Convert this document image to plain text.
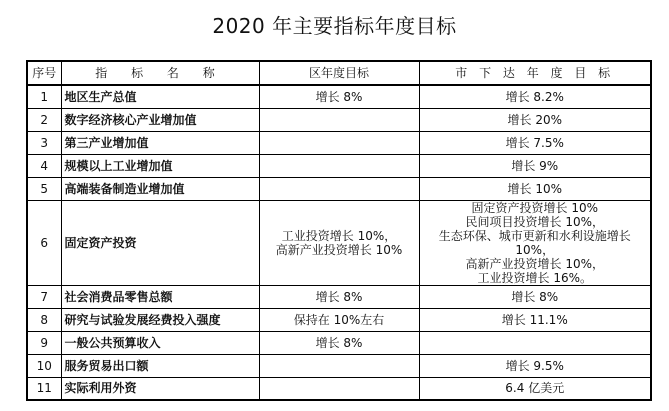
2020 年主要指标年度目标
序号	指 标 名 称	区年度目标	市 下 达 年 度 目 标
1	地区生产总值	增长 8%	增长 8.2%

2	数字经济核心产业增加值		增长 20%

3	第三产业增加值		增长 7.5%

4	规模以上工业增加值		增长 9%

5	高端装备制造业增加值		增长 10%

6	固定资产投资	工业投资增长 10%，
高新产业投资增长 10%	固定资产投资增长 10%
民间项目投资增长 10%，
生态环保、城市更新和水利设施增长 10%，
高新产业投资增长 10%，
工业投资增长 16%。

7	社会消费品零售总额	增长 8%	增长 8%

8	研究与试验发展经费投入强度	保持在 10%左右	增长 11.1%

9	一般公共预算收入	增长 8%	

10	服务贸易出口额		增长 9.5%

11	实际利用外资		6.4 亿美元
